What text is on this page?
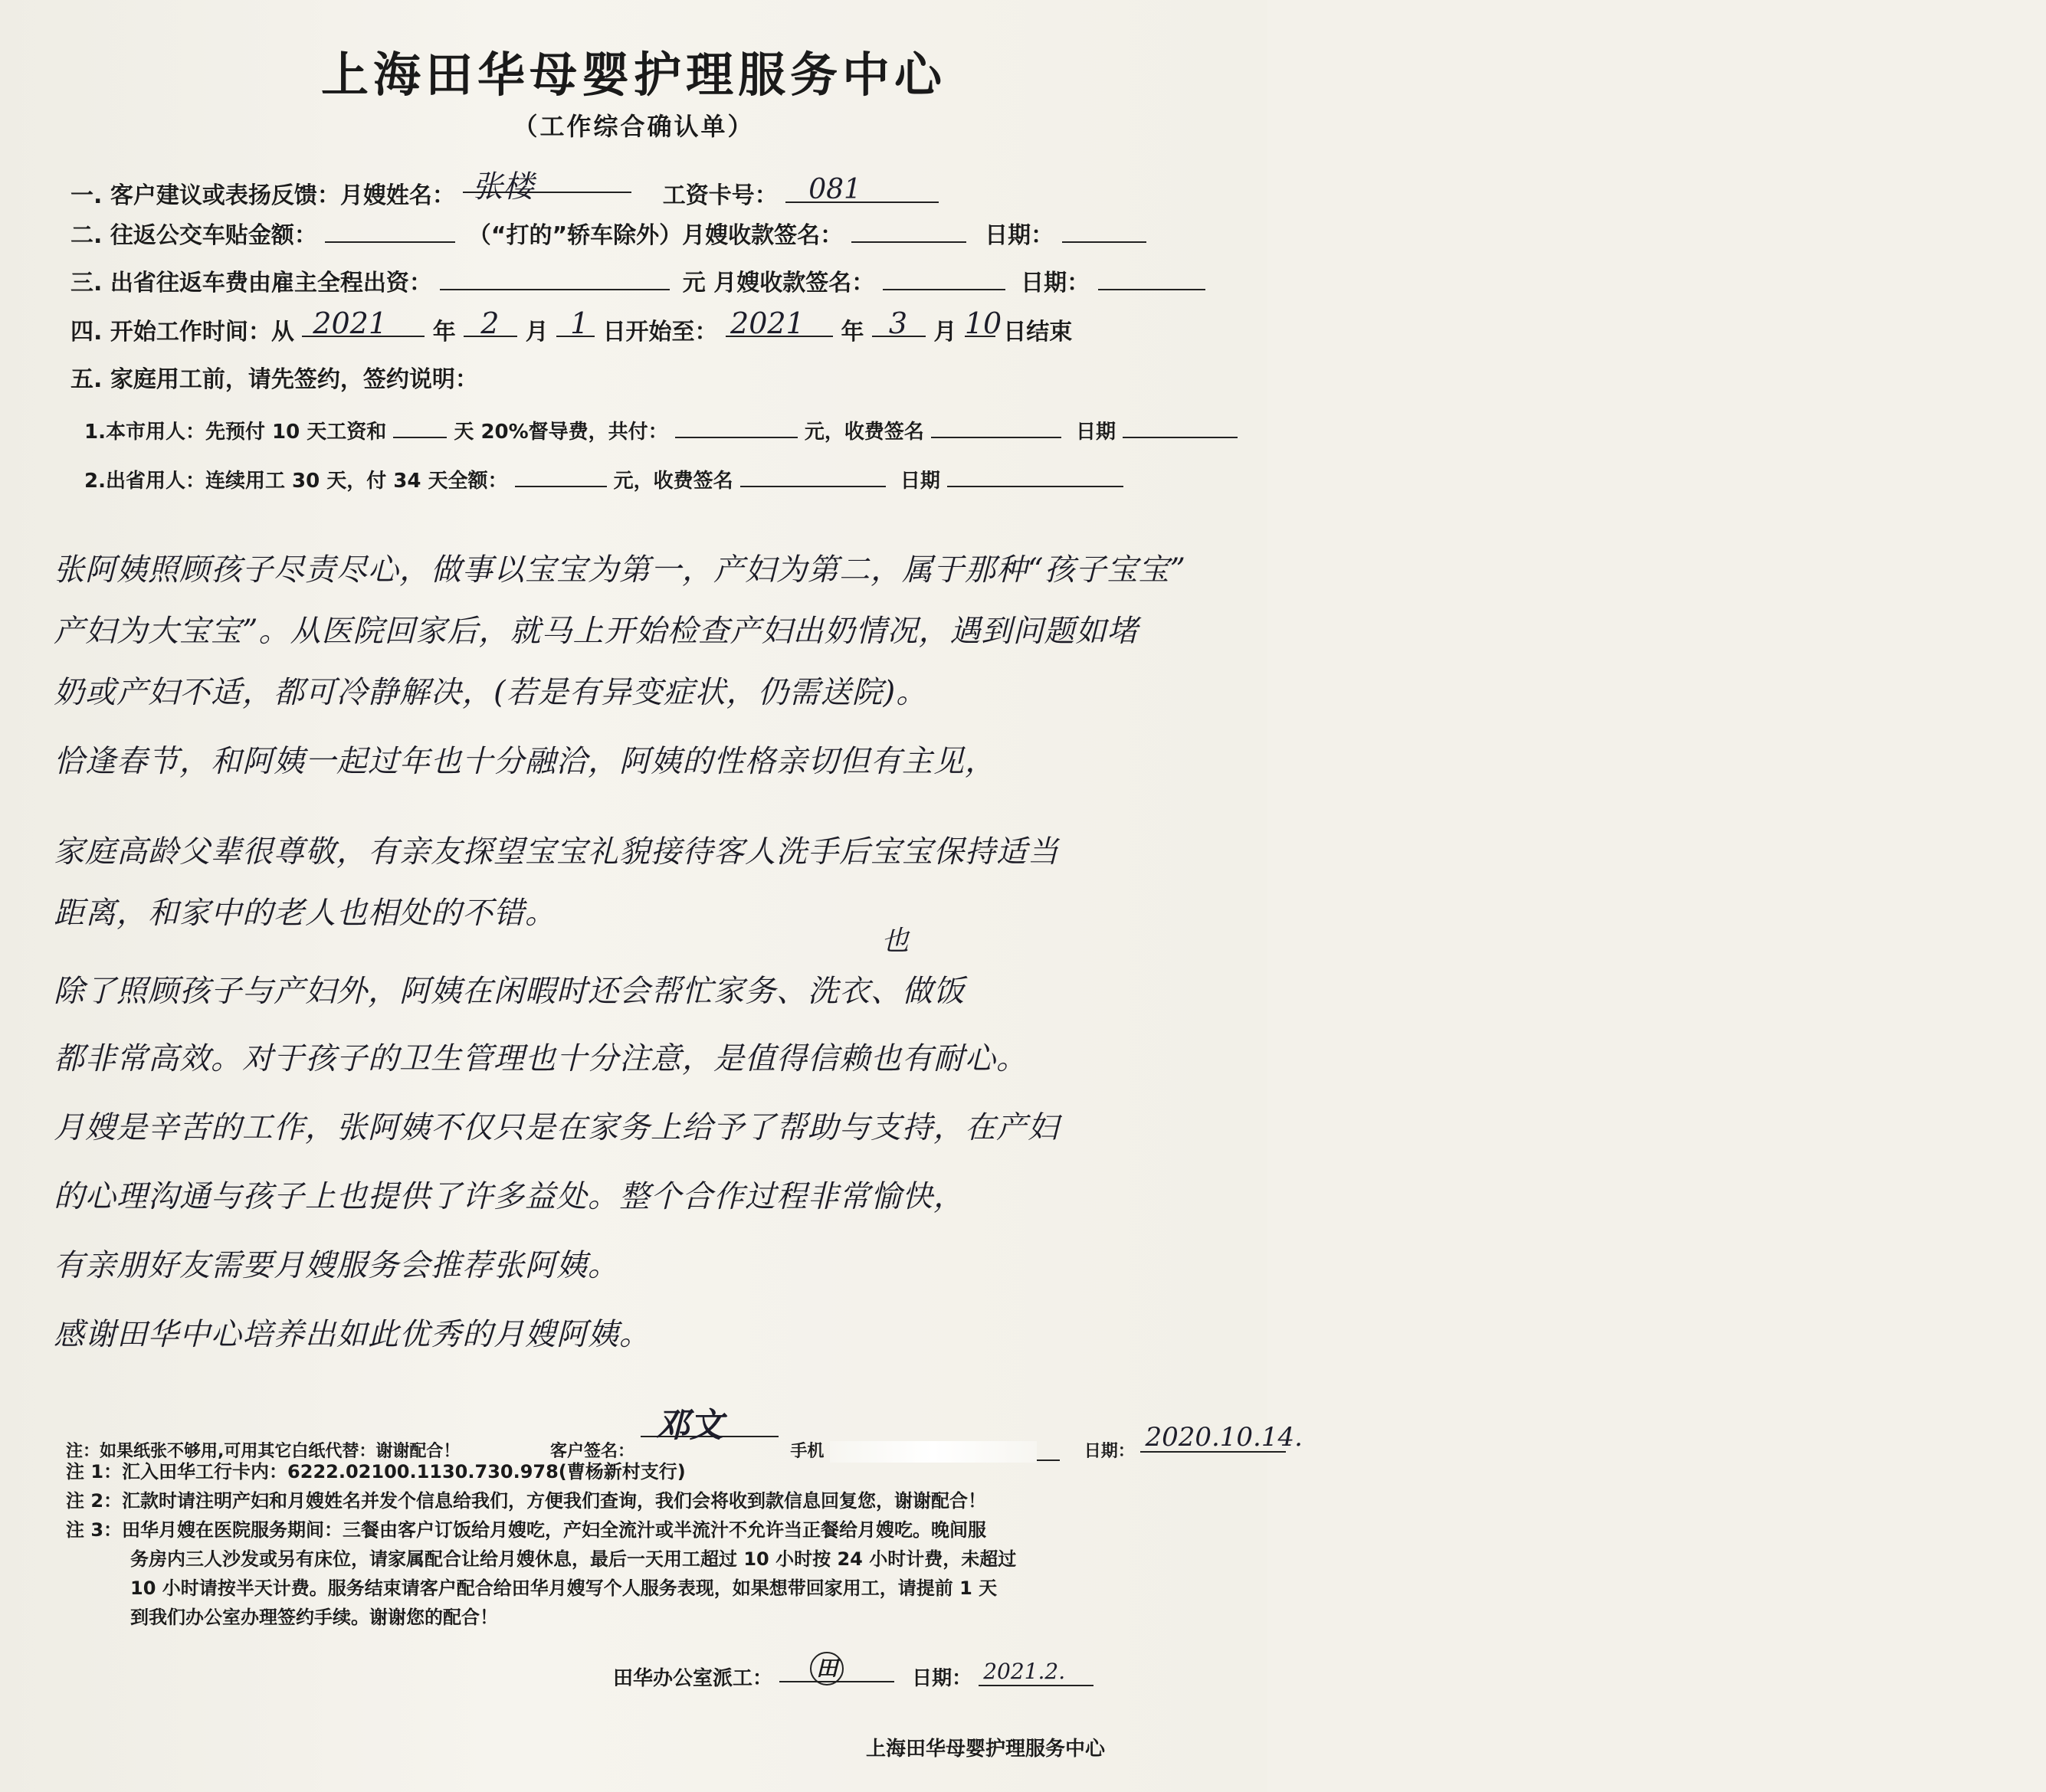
上海田华母婴护理服务中心
（工作综合确认单）
一. 客户建议或表扬反馈：月嫂姓名： 张楼	工资卡号： 081
二. 往返公交车贴金额：	（“打的”轿车除外）月嫂收款签名：	日期：
三. 出省往返车费由雇主全程出资：	元 月嫂收款签名：	日期：
四. 开始工作时间：从 2021 年 2 月 1 日开始至： 2021 年 3 月 10 日结束
五. 家庭用工前，请先签约，签约说明：
1.本市用人：先预付 10 天工资和	天 20%督导费，共付：	元，收费签名	日期
2.出省用人：连续用工 30 天，付 34 天全额：	元，收费签名	日期
张阿姨照顾孩子尽责尽心，做事以宝宝为第一，产妇为第二，属于那种“孩子宝宝”
产妇为大宝宝”。从医院回家后，就马上开始检查产妇出奶情况，遇到问题如堵
奶或产妇不适，都可冷静解决，(若是有异变症状，仍需送院)。
恰逢春节，和阿姨一起过年也十分融洽，阿姨的性格亲切但有主见，
家庭高龄父辈很尊敬，有亲友探望宝宝礼貌接待客人洗手后宝宝保持适当
距离，和家中的老人也相处的不错。
除了照顾孩子与产妇外，阿姨在闲暇时还会帮忙家务、洗衣、做饭
也
都非常高效。对于孩子的卫生管理也十分注意，是值得信赖也有耐心。
月嫂是辛苦的工作，张阿姨不仅只是在家务上给予了帮助与支持，在产妇
的心理沟通与孩子上也提供了许多益处。整个合作过程非常愉快，
有亲朋好友需要月嫂服务会推荐张阿姨。
感谢田华中心培养出如此优秀的月嫂阿姨。
注：如果纸张不够用,可用其它白纸代替：谢谢配合！	客户签名： 邓文 手机	日期： 2020.10.14.

注 1：汇入田华工行卡内：6222.02100.1130.730.978(曹杨新村支行)

注 2：汇款时请注明产妇和月嫂姓名并发个信息给我们，方便我们查询，我们会将收到款信息回复您，谢谢配合！

注 3：田华月嫂在医院服务期间：三餐由客户订饭给月嫂吃，产妇全流汁或半流汁不允许当正餐给月嫂吃。晚间服

务房内三人沙发或另有床位，请家属配合让给月嫂休息，最后一天用工超过 10 小时按 24 小时计费，未超过

10 小时请按半天计费。服务结束请客户配合给田华月嫂写个人服务表现，如果想带回家用工，请提前 1 天

到我们办公室办理签约手续。谢谢您的配合！

田华办公室派工： 田	日期： 2021.2.
上海田华母婴护理服务中心
